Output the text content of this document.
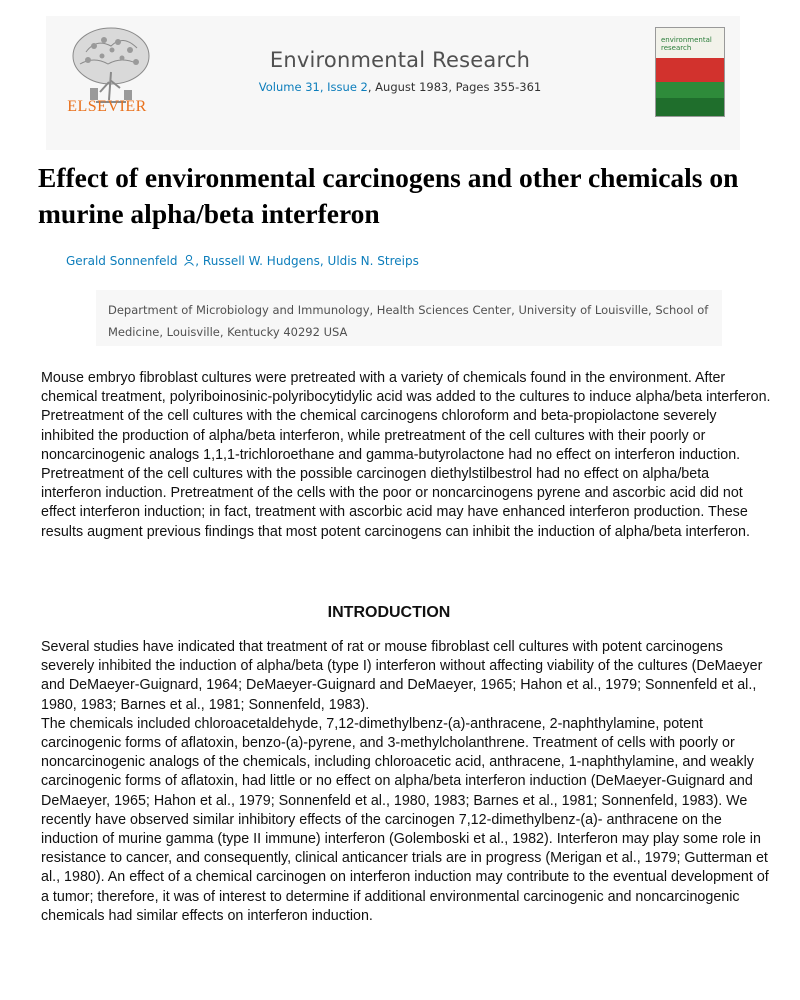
ELSEVIER
Environmental Research
Volume 31, Issue 2, August 1983, Pages 355-361
environmental
research
Effect of environmental carcinogens and other chemicals on murine alpha/beta interferon
Gerald Sonnenfeld , Russell W. Hudgens, Uldis N. Streips
Department of Microbiology and Immunology, Health Sciences Center, University of Louisville, School of Medicine, Louisville, Kentucky 40292 USA
Mouse embryo fibroblast cultures were pretreated with a variety of chemicals found in the environment. After chemical treatment, polyriboinosinic-polyribocytidylic acid was added to the cultures to induce alpha/beta interferon. Pretreatment of the cell cultures with the chemical carcinogens chloroform and beta-propiolactone severely inhibited the production of alpha/beta interferon, while pretreatment of the cell cultures with their poorly or noncarcinogenic analogs 1,1,1-trichloroethane and gamma-butyrolactone had no effect on interferon induction. Pretreatment of the cell cultures with the possible carcinogen diethylstilbestrol had no effect on alpha/beta interferon induction. Pretreatment of the cells with the poor or noncarcinogens pyrene and ascorbic acid did not effect interferon induction; in fact, treatment with ascorbic acid may have enhanced interferon production. These results augment previous findings that most potent carcinogens can inhibit the induction of alpha/beta interferon.
INTRODUCTION

Several studies have indicated that treatment of rat or mouse fibroblast cell cultures with potent carcinogens severely inhibited the induction of alpha/beta (type I) interferon without affecting viability of the cultures (DeMaeyer and DeMaeyer-Guignard, 1964; DeMaeyer-Guignard and DeMaeyer, 1965; Hahon et al., 1979; Sonnenfeld et al., 1980, 1983; Barnes et al., 1981; Sonnenfeld, 1983).

The chemicals included chloroacetaldehyde, 7,12-dimethylbenz-(a)-anthracene, 2-naphthylamine, potent carcinogenic forms of aflatoxin, benzo-(a)-pyrene, and 3-methylcholanthrene. Treatment of cells with poorly or noncarcinogenic analogs of the chemicals, including chloroacetic acid, anthracene, 1-naphthylamine, and weakly carcinogenic forms of aflatoxin, had little or no effect on alpha/beta interferon induction (DeMaeyer-Guignard and DeMaeyer, 1965; Hahon et al., 1979; Sonnenfeld et al., 1980, 1983; Barnes et al., 1981; Sonnenfeld, 1983). We recently have observed similar inhibitory effects of the carcinogen 7,12-dimethylbenz-(a)- anthracene on the induction of murine gamma (type II immune) interferon (Golemboski et al., 1982). Interferon may play some role in resistance to cancer, and consequently, clinical anticancer trials are in progress (Merigan et al., 1979; Gutterman et al., 1980). An effect of a chemical carcinogen on interferon induction may contribute to the eventual development of a tumor; therefore, it was of interest to determine if additional environmental carcinogenic and noncarcinogenic chemicals had similar effects on interferon induction.
